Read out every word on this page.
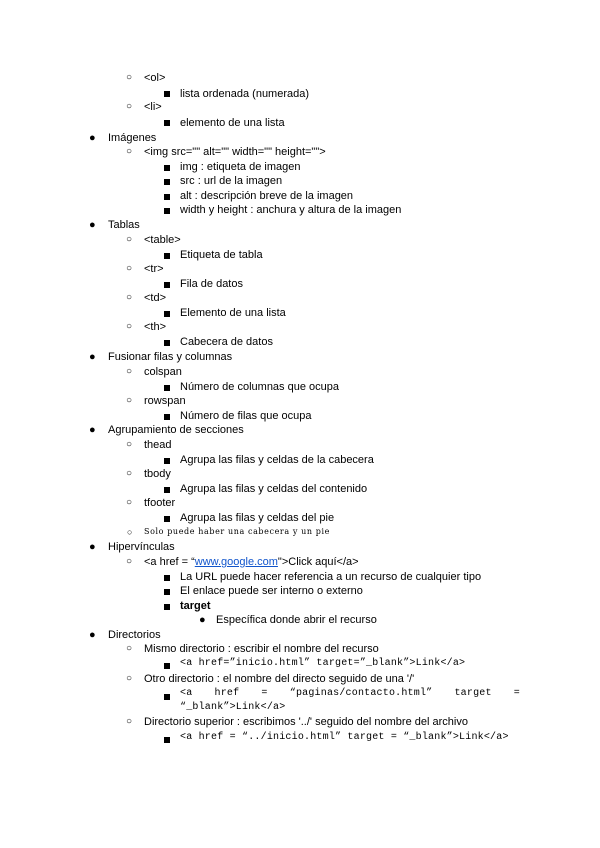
○ <ol>
lista ordenada (numerada)
○ <li>
elemento de una lista
● Imágenes
○ <img src="" alt="" width="" height="">
img : etiqueta de imagen
src : url de la imagen
alt : descripción breve de la imagen
width y height : anchura y altura de la imagen
● Tablas
○ <table>
Etiqueta de tabla
○ <tr>
Fila de datos
○ <td>
Elemento de una lista
○ <th>
Cabecera de datos
● Fusionar filas y columnas
○ colspan
Número de columnas que ocupa
○ rowspan
Número de filas que ocupa
● Agrupamiento de secciones
○ thead
Agrupa las filas y celdas de la cabecera
○ tbody
Agrupa las filas y celdas del contenido
○ tfooter
Agrupa las filas y celdas del pie
○ Solo puede haber una cabecera y un pie
● Hipervínculas
○ <a href = “www.google.com">Click aquí</a>
La URL puede hacer referencia a un recurso de cualquier tipo
El enlace puede ser interno o externo
target
● Específica donde abrir el recurso
● Directorios
○ Mismo directorio : escribir el nombre del recurso
<a href=”inicio.html” target=”_blank”>Link</a>
○ Otro directorio : el nombre del directo seguido de una '/'
<a href = “paginas/contacto.html” target = “_blank”>Link</a>
○ Directorio superior : escribimos '../' seguido del nombre del archivo
<a href = “../inicio.html” target = “_blank”>Link</a>
